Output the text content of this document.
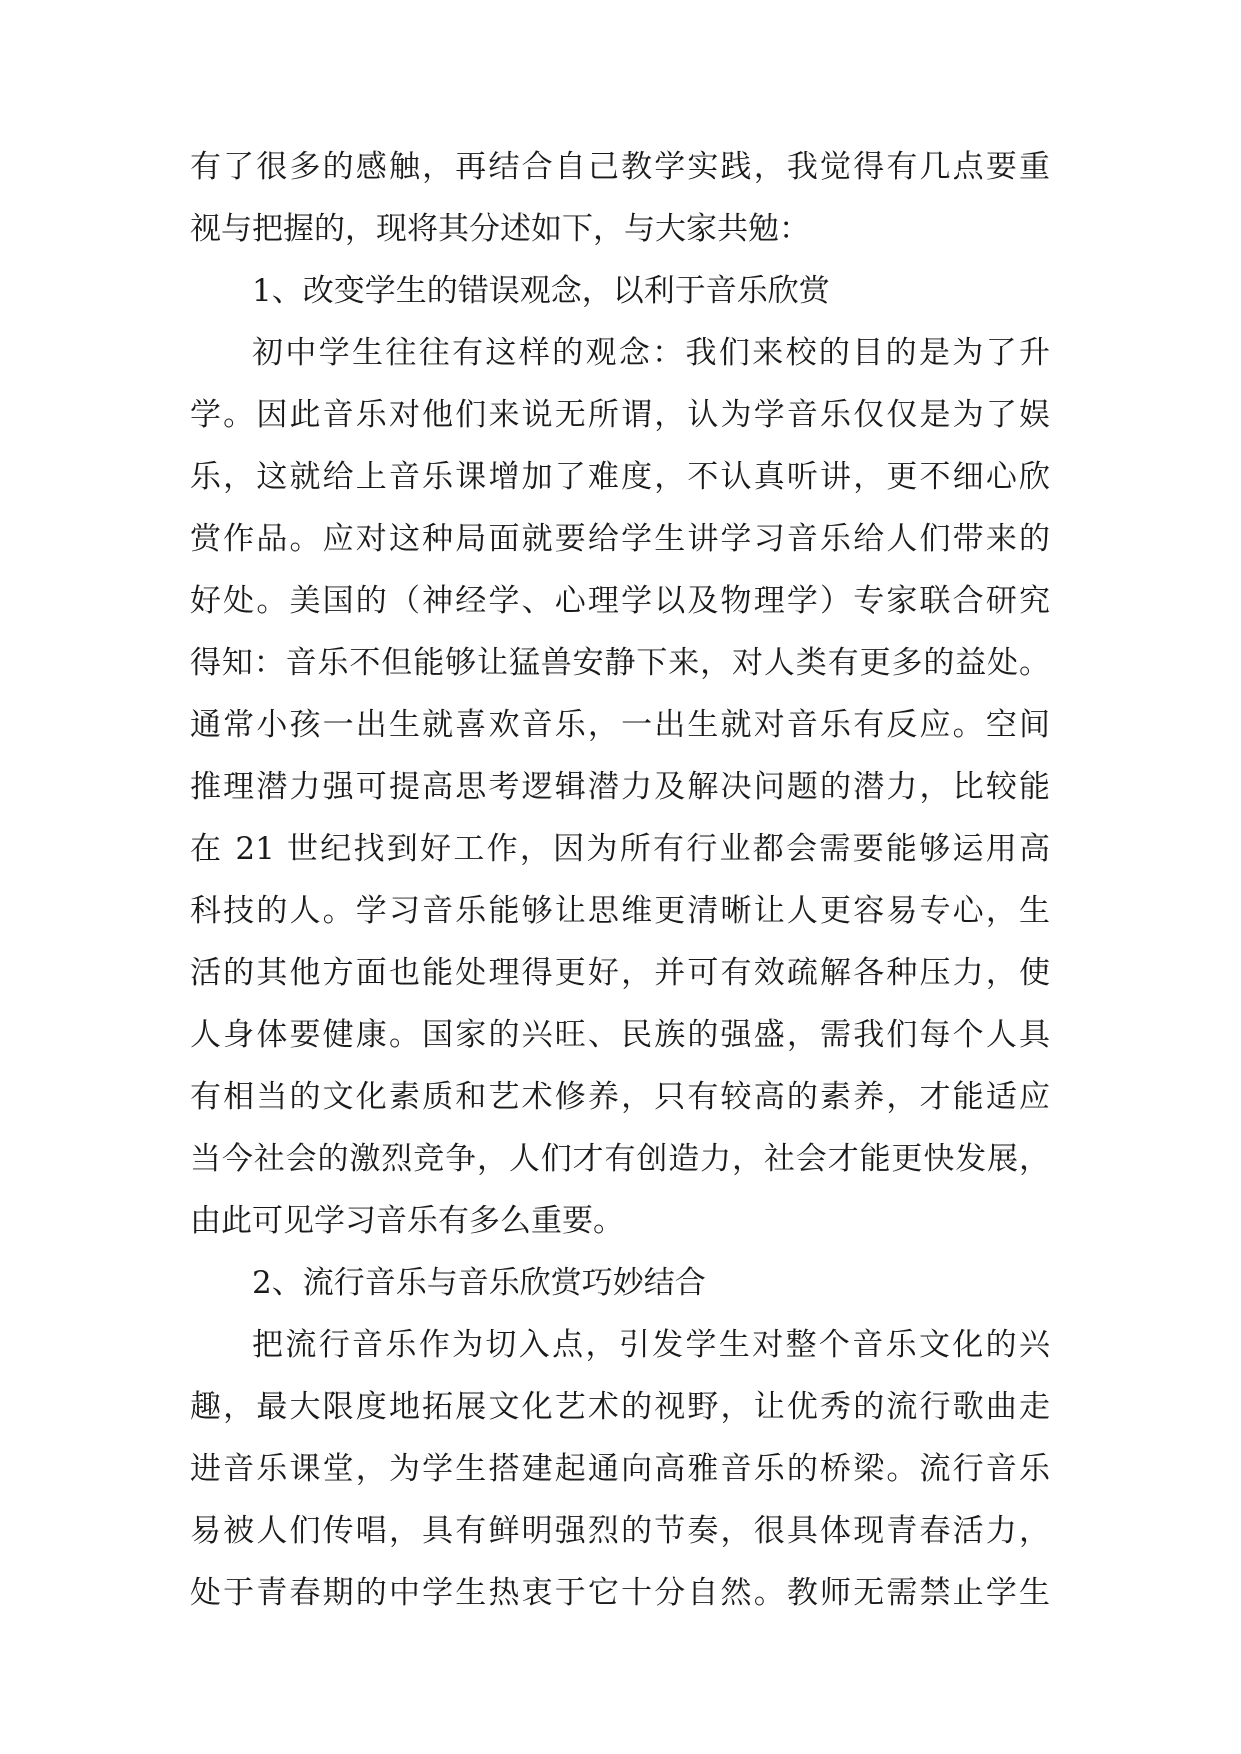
有了很多的感触，再结合自己教学实践，我觉得有几点要重
视与把握的，现将其分述如下，与大家共勉：
1、改变学生的错误观念，以利于音乐欣赏
初中学生往往有这样的观念：我们来校的目的是为了升
学。因此音乐对他们来说无所谓，认为学音乐仅仅是为了娱
乐，这就给上音乐课增加了难度，不认真听讲，更不细心欣
赏作品。应对这种局面就要给学生讲学习音乐给人们带来的
好处。美国的（神经学、心理学以及物理学）专家联合研究
得知：音乐不但能够让猛兽安静下来，对人类有更多的益处。
通常小孩一出生就喜欢音乐，一出生就对音乐有反应。空间
推理潜力强可提高思考逻辑潜力及解决问题的潜力，比较能
在 21 世纪找到好工作，因为所有行业都会需要能够运用高
科技的人。学习音乐能够让思维更清晰让人更容易专心，生
活的其他方面也能处理得更好，并可有效疏解各种压力，使
人身体要健康。国家的兴旺、民族的强盛，需我们每个人具
有相当的文化素质和艺术修养，只有较高的素养，才能适应
当今社会的激烈竞争，人们才有创造力，社会才能更快发展，
由此可见学习音乐有多么重要。
2、流行音乐与音乐欣赏巧妙结合
把流行音乐作为切入点，引发学生对整个音乐文化的兴
趣，最大限度地拓展文化艺术的视野，让优秀的流行歌曲走
进音乐课堂，为学生搭建起通向高雅音乐的桥梁。流行音乐
易被人们传唱，具有鲜明强烈的节奏，很具体现青春活力，
处于青春期的中学生热衷于它十分自然。教师无需禁止学生
